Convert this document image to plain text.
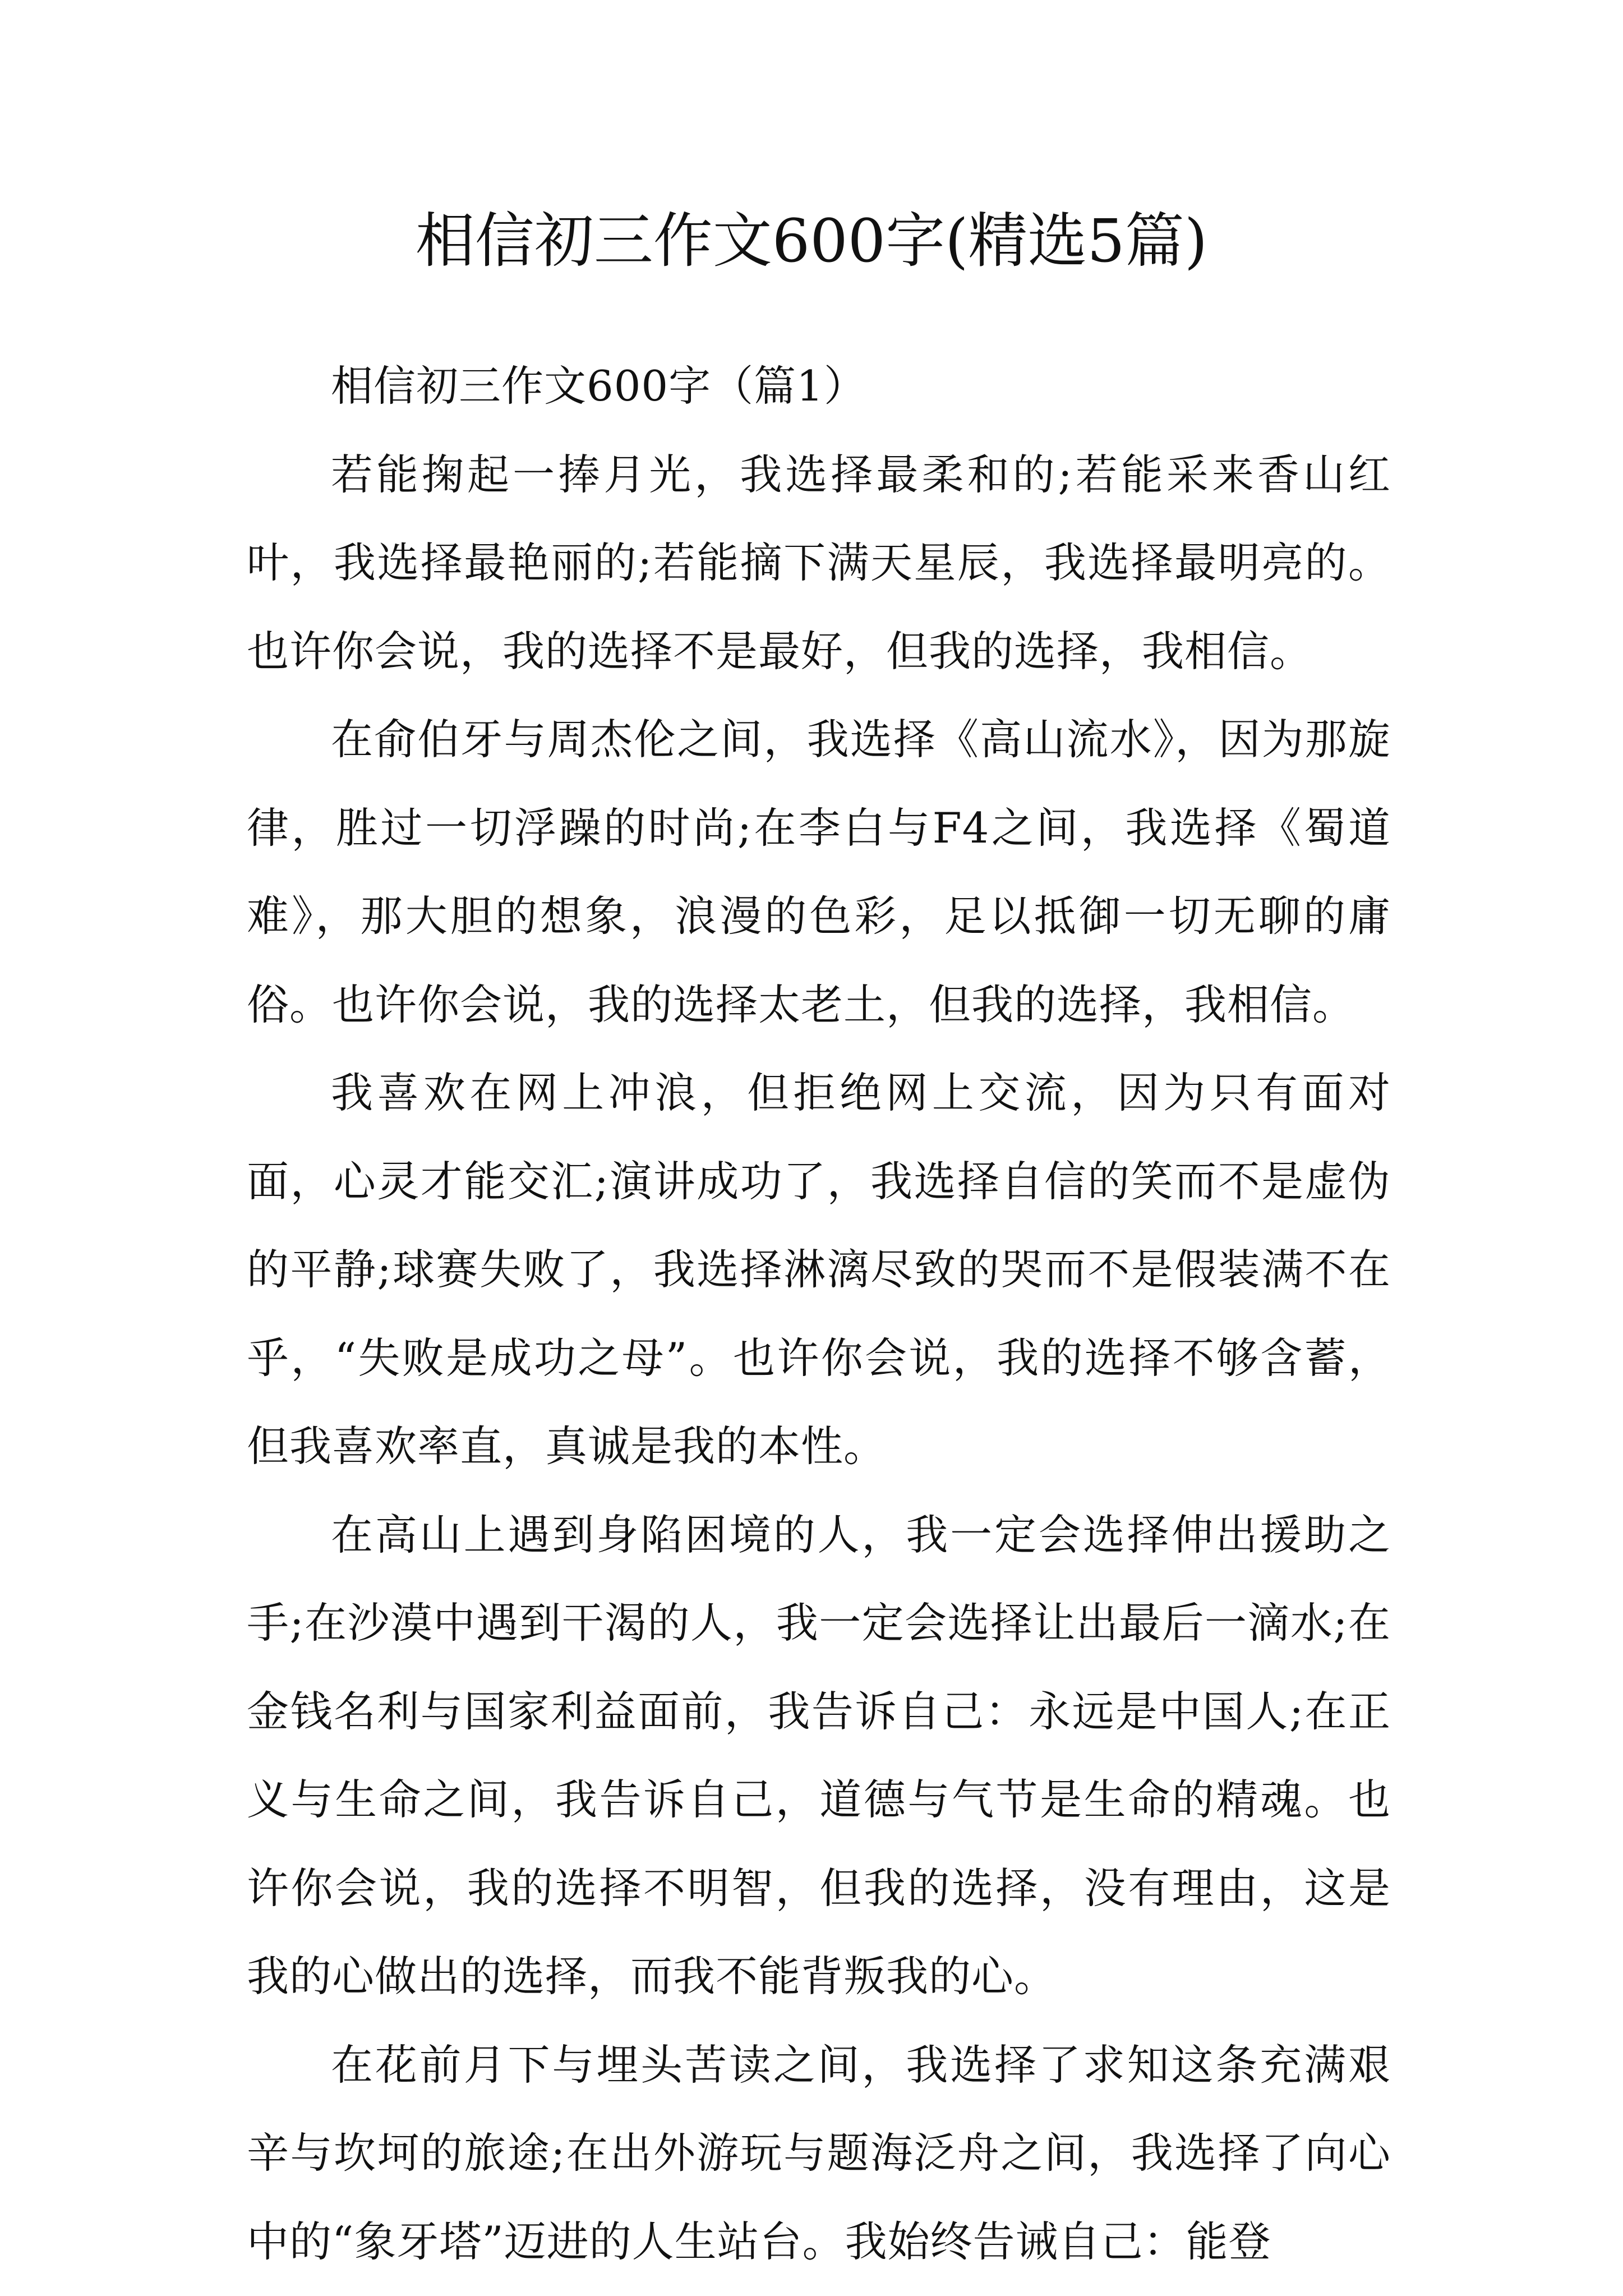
相信初三作文600字(精选5篇)

相信初三作文600字（篇1）

若能掬起一捧月光，我选择最柔和的;若能采来香山红叶，我选择最艳丽的;若能摘下满天星辰，我选择最明亮的。也许你会说，我的选择不是最好，但我的选择，我相信。

在俞伯牙与周杰伦之间，我选择《高山流水》，因为那旋律，胜过一切浮躁的时尚;在李白与F4之间，我选择《蜀道难》，那大胆的想象，浪漫的色彩，足以抵御一切无聊的庸俗。也许你会说，我的选择太老土，但我的选择，我相信。

我喜欢在网上冲浪，但拒绝网上交流，因为只有面对面，心灵才能交汇;演讲成功了，我选择自信的笑而不是虚伪的平静;球赛失败了，我选择淋漓尽致的哭而不是假装满不在乎，“失败是成功之母”。也许你会说，我的选择不够含蓄，但我喜欢率直，真诚是我的本性。

在高山上遇到身陷困境的人，我一定会选择伸出援助之手;在沙漠中遇到干渴的人，我一定会选择让出最后一滴水;在金钱名利与国家利益面前，我告诉自己：永远是中国人;在正义与生命之间，我告诉自己，道德与气节是生命的精魂。也许你会说，我的选择不明智，但我的选择，没有理由，这是我的心做出的选择，而我不能背叛我的心。

在花前月下与埋头苦读之间，我选择了求知这条充满艰辛与坎坷的旅途;在出外游玩与题海泛舟之间，我选择了向心中的“象牙塔”迈进的人生站台。我始终告诫自己：能登
